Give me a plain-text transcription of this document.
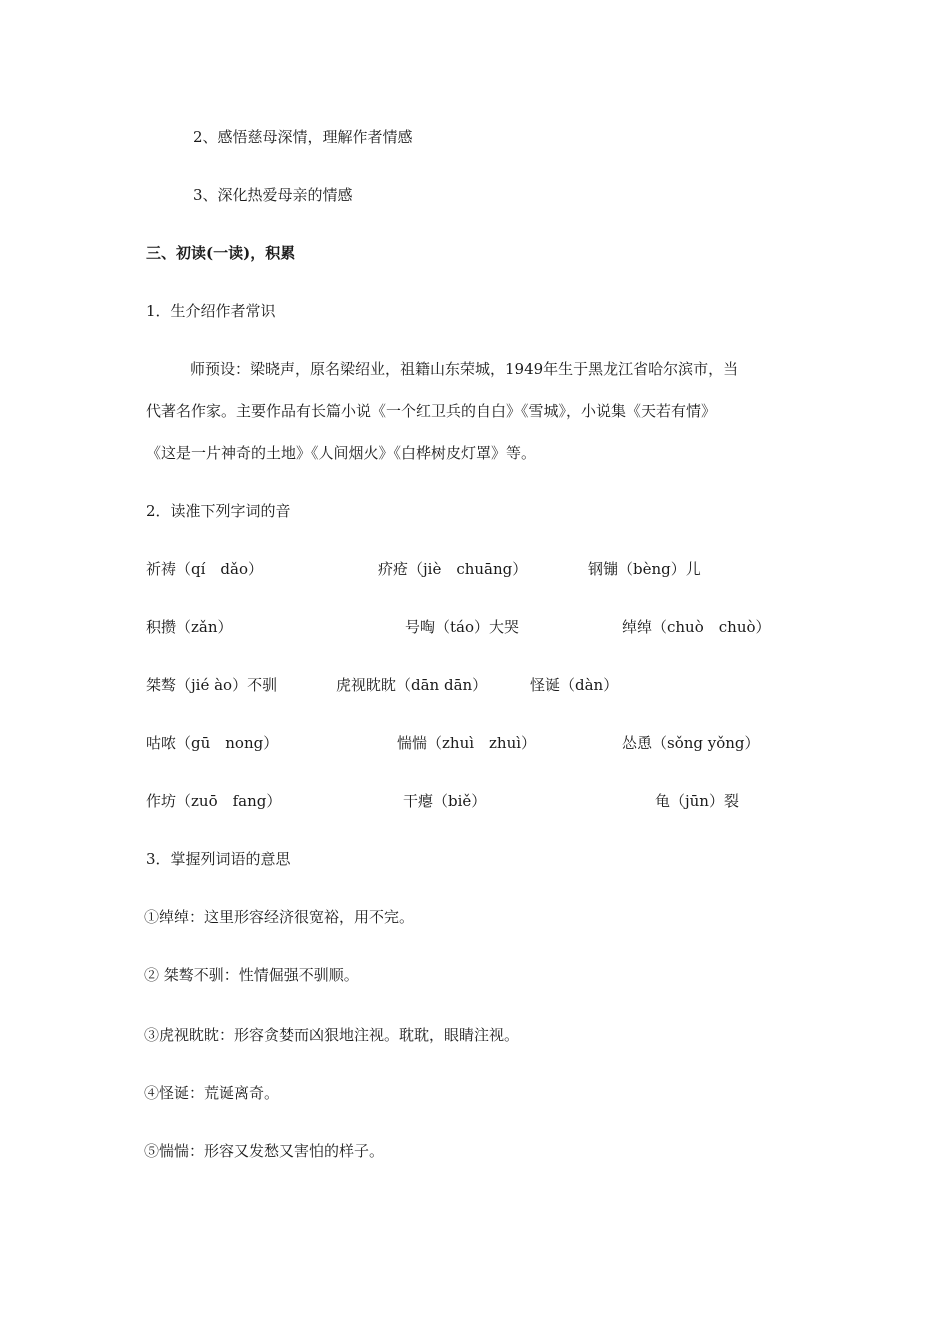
2、感悟慈母深情，理解作者情感
3、深化热爱母亲的情感
三、初读(一读)，积累
1．生介绍作者常识
师预设：梁晓声，原名梁绍业，祖籍山东荣城，1949年生于黑龙江省哈尔滨市，当
代著名作家。主要作品有长篇小说《一个红卫兵的自白》《雪城》，小说集《天若有情》
《这是一片神奇的土地》《人间烟火》《白桦树皮灯罩》等。
2．读准下列字词的音
祈祷（qí　dǎo）	疥疮（jiè　chuāng）	钢镚（bèng）儿
积攒（zǎn）	号啕（táo）大哭	绰绰（chuò　chuò）
桀骜（jié ào）不驯	虎视眈眈（dān dān）	怪诞（dàn）
咕哝（gū　nong）	惴惴（zhuì　zhuì）	怂恿（sǒng yǒng）
作坊（zuō　fang）	干瘪（biě）	龟（jūn）裂
3．掌握列词语的意思
①绰绰：这里形容经济很宽裕，用不完。
② 桀骜不驯：性情倔强不驯顺。
③虎视眈眈：形容贪婪而凶狠地注视。耽耽，眼睛注视。
④怪诞：荒诞离奇。
⑤惴惴：形容又发愁又害怕的样子。
